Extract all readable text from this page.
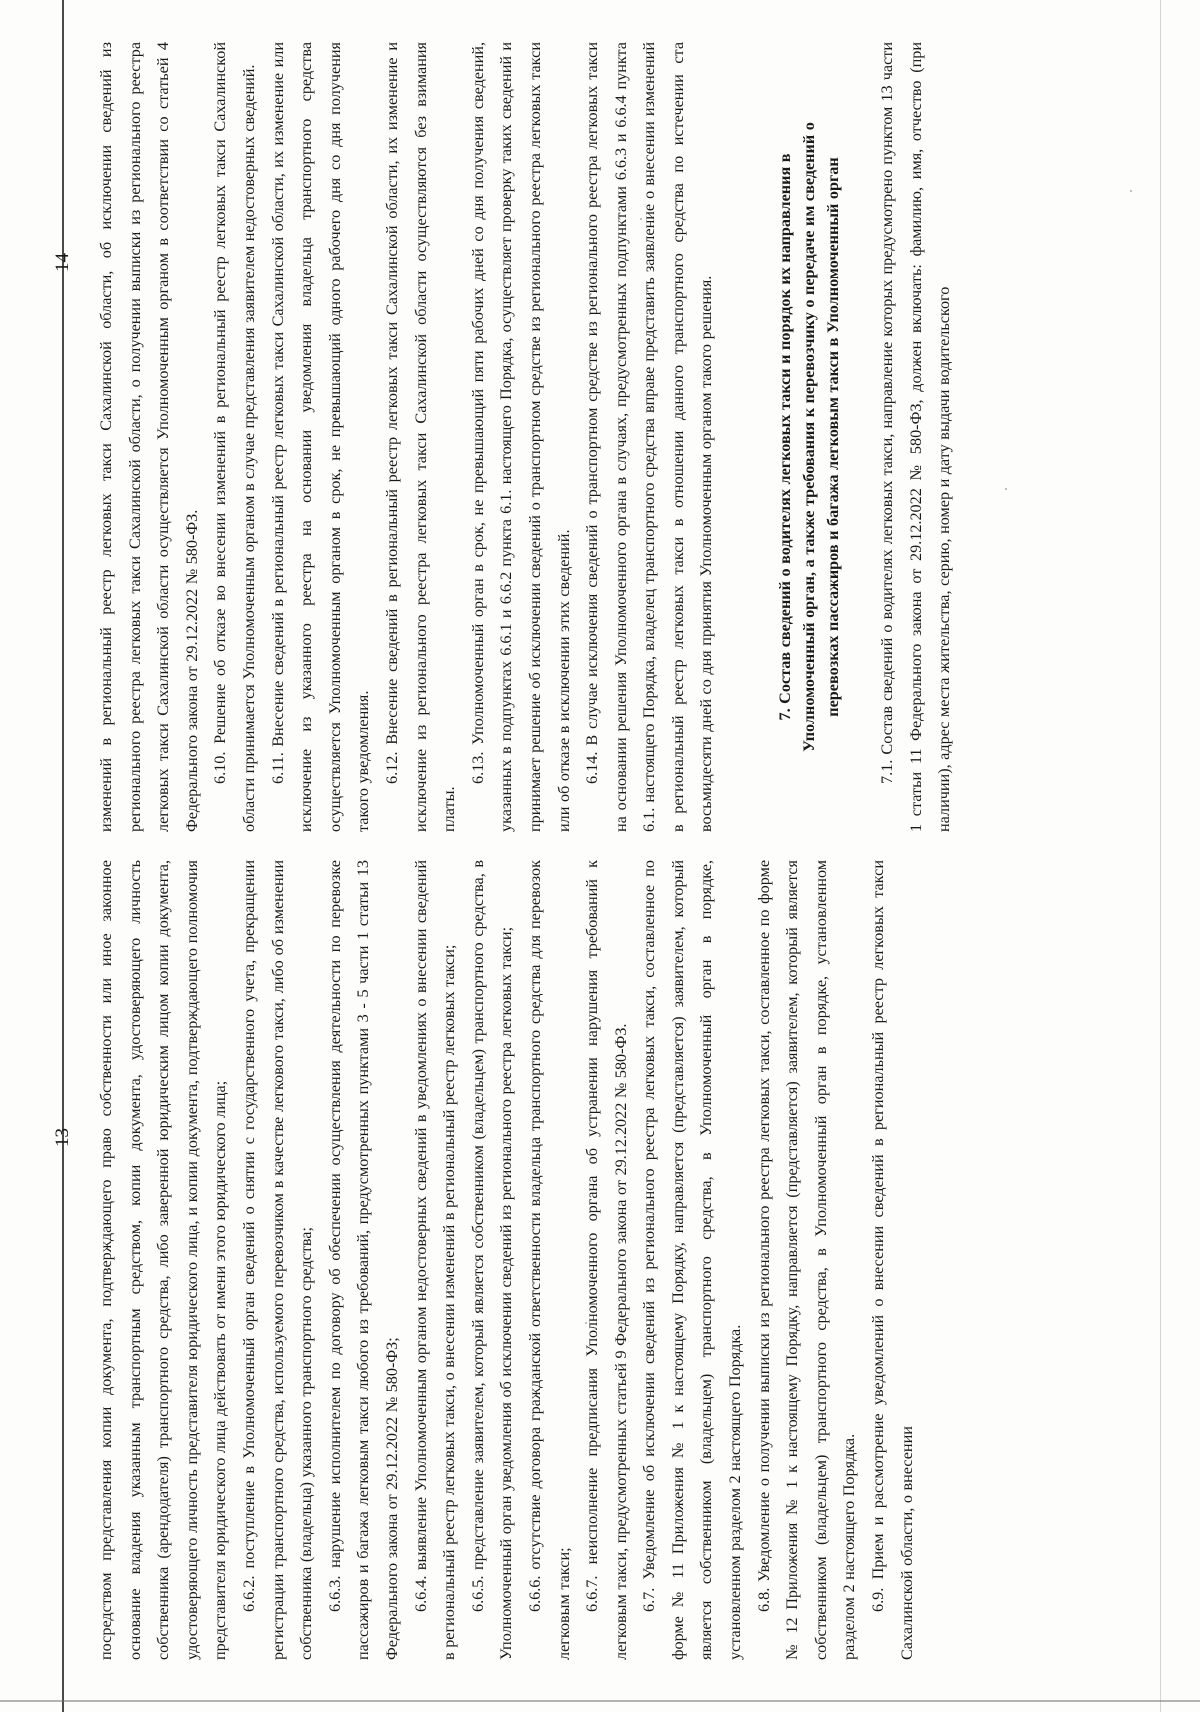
13
14

посредством представления копии документа, подтверждающего право собственности или иное законное основание владения указанным транспортным средством, копии документа, удостоверяющего личность собственника (арендодателя) транспортного средства, либо заверенной юридическим лицом копии документа, удостоверяющего личность представителя юридического лица, и копии документа, подтверждающего полномочия представителя юридического лица действовать от имени этого юридического лица; 6.6.2. поступление в Уполномоченный орган сведений о снятии с государственного учета, прекращении регистрации транспортного средства, используемого перевозчиком в качестве легкового такси, либо об изменении собственника (владельца) указанного транспортного средства; 6.6.3. нарушение исполнителем по договору об обеспечении осуществления деятельности по перевозке пассажиров и багажа легковым такси любого из требований, предусмотренных пунктами 3 - 5 части 1 статьи 13 Федерального закона от 29.12.2022 № 580-ФЗ; 6.6.4. выявление Уполномоченным органом недостоверных сведений в уведомлениях о внесении сведений в региональный реестр легковых такси, о внесении изменений в региональный реестр легковых такси; 6.6.5. представление заявителем, который является собственником (владельцем) транспортного средства, в Уполномоченный орган уведомления об исключении сведений из регионального реестра легковых такси; 6.6.6. отсутствие договора гражданской ответственности владельца транспортного средства для перевозок легковым такси; 6.6.7. неисполнение предписания Уполномоченного органа об устранении нарушения требований к легковым такси, предусмотренных статьей 9 Федерального закона от 29.12.2022 № 580-ФЗ. 6.7. Уведомление об исключении сведений из регионального реестра легковых такси, составленное по форме № 11 Приложения № 1 к настоящему Порядку, направляется (представляется) заявителем, который является собственником (владельцем) транспортного средства, в Уполномоченный орган в порядке, установленном разделом 2 настоящего Порядка. 6.8. Уведомление о получении выписки из регионального реестра легковых такси, составленное по форме № 12 Приложения № 1 к настоящему Порядку, направляется (представляется) заявителем, который является собственником (владельцем) транспортного средства, в Уполномоченный орган в порядке, установленном разделом 2 настоящего Порядка. 6.9. Прием и рассмотрение уведомлений о внесении сведений в региональный реестр легковых такси Сахалинской области, о внесении

изменений в региональный реестр легковых такси Сахалинской области, об исключении сведений из регионального реестра легковых такси Сахалинской области, о получении выписки из регионального реестра легковых такси Сахалинской области осуществляется Уполномоченным органом в соответствии со статьей 4 Федерального закона от 29.12.2022 № 580-ФЗ. 6.10. Решение об отказе во внесении изменений в региональный реестр легковых такси Сахалинской области принимается Уполномоченным органом в случае представления заявителем недостоверных сведений. 6.11. Внесение сведений в региональный реестр легковых такси Сахалинской области, их изменение или исключение из указанного реестра на основании уведомления владельца транспортного средства осуществляется Уполномоченным органом в срок, не превышающий одного рабочего дня со дня получения такого уведомления. 6.12. Внесение сведений в региональный реестр легковых такси Сахалинской области, их изменение и исключение из регионального реестра легковых такси Сахалинской области осуществляются без взимания платы.

6.13. Уполномоченный орган в срок, не превышающий пяти рабочих дней со дня получения сведений, указанных в подпунктах 6.6.1 и 6.6.2 пункта 6.1. настоящего Порядка, осуществляет проверку таких сведений и принимает решение об исключении сведений о транспортном средстве из регионального реестра легковых такси или об отказе в исключении этих сведений. 6.14. В случае исключения сведений о транспортном средстве из регионального реестра легковых такси на основании решения Уполномоченного органа в случаях, предусмотренных подпунктами 6.6.3 и 6.6.4 пункта 6.1. настоящего Порядка, владелец транспортного средства вправе представить заявление о внесении изменений в региональный реестр легковых такси в отношении данного транспортного средства по истечении ста восьмидесяти дней со дня принятия Уполномоченным органом такого решения.	7. Состав сведений о водителях легковых такси и порядок их направления в Уполномоченный орган, а также требования к перевозчику о передаче им сведений о перевозках пассажиров и багажа легковым такси в Уполномоченный орган	7.1. Состав сведений о водителях легковых такси, направление которых предусмотрено пунктом 13 части 1 статьи 11 Федерального закона от 29.12.2022 № 580-ФЗ, должен включать: фамилию, имя, отчество (при наличии), адрес места жительства, серию, номер и дату выдачи водительского
